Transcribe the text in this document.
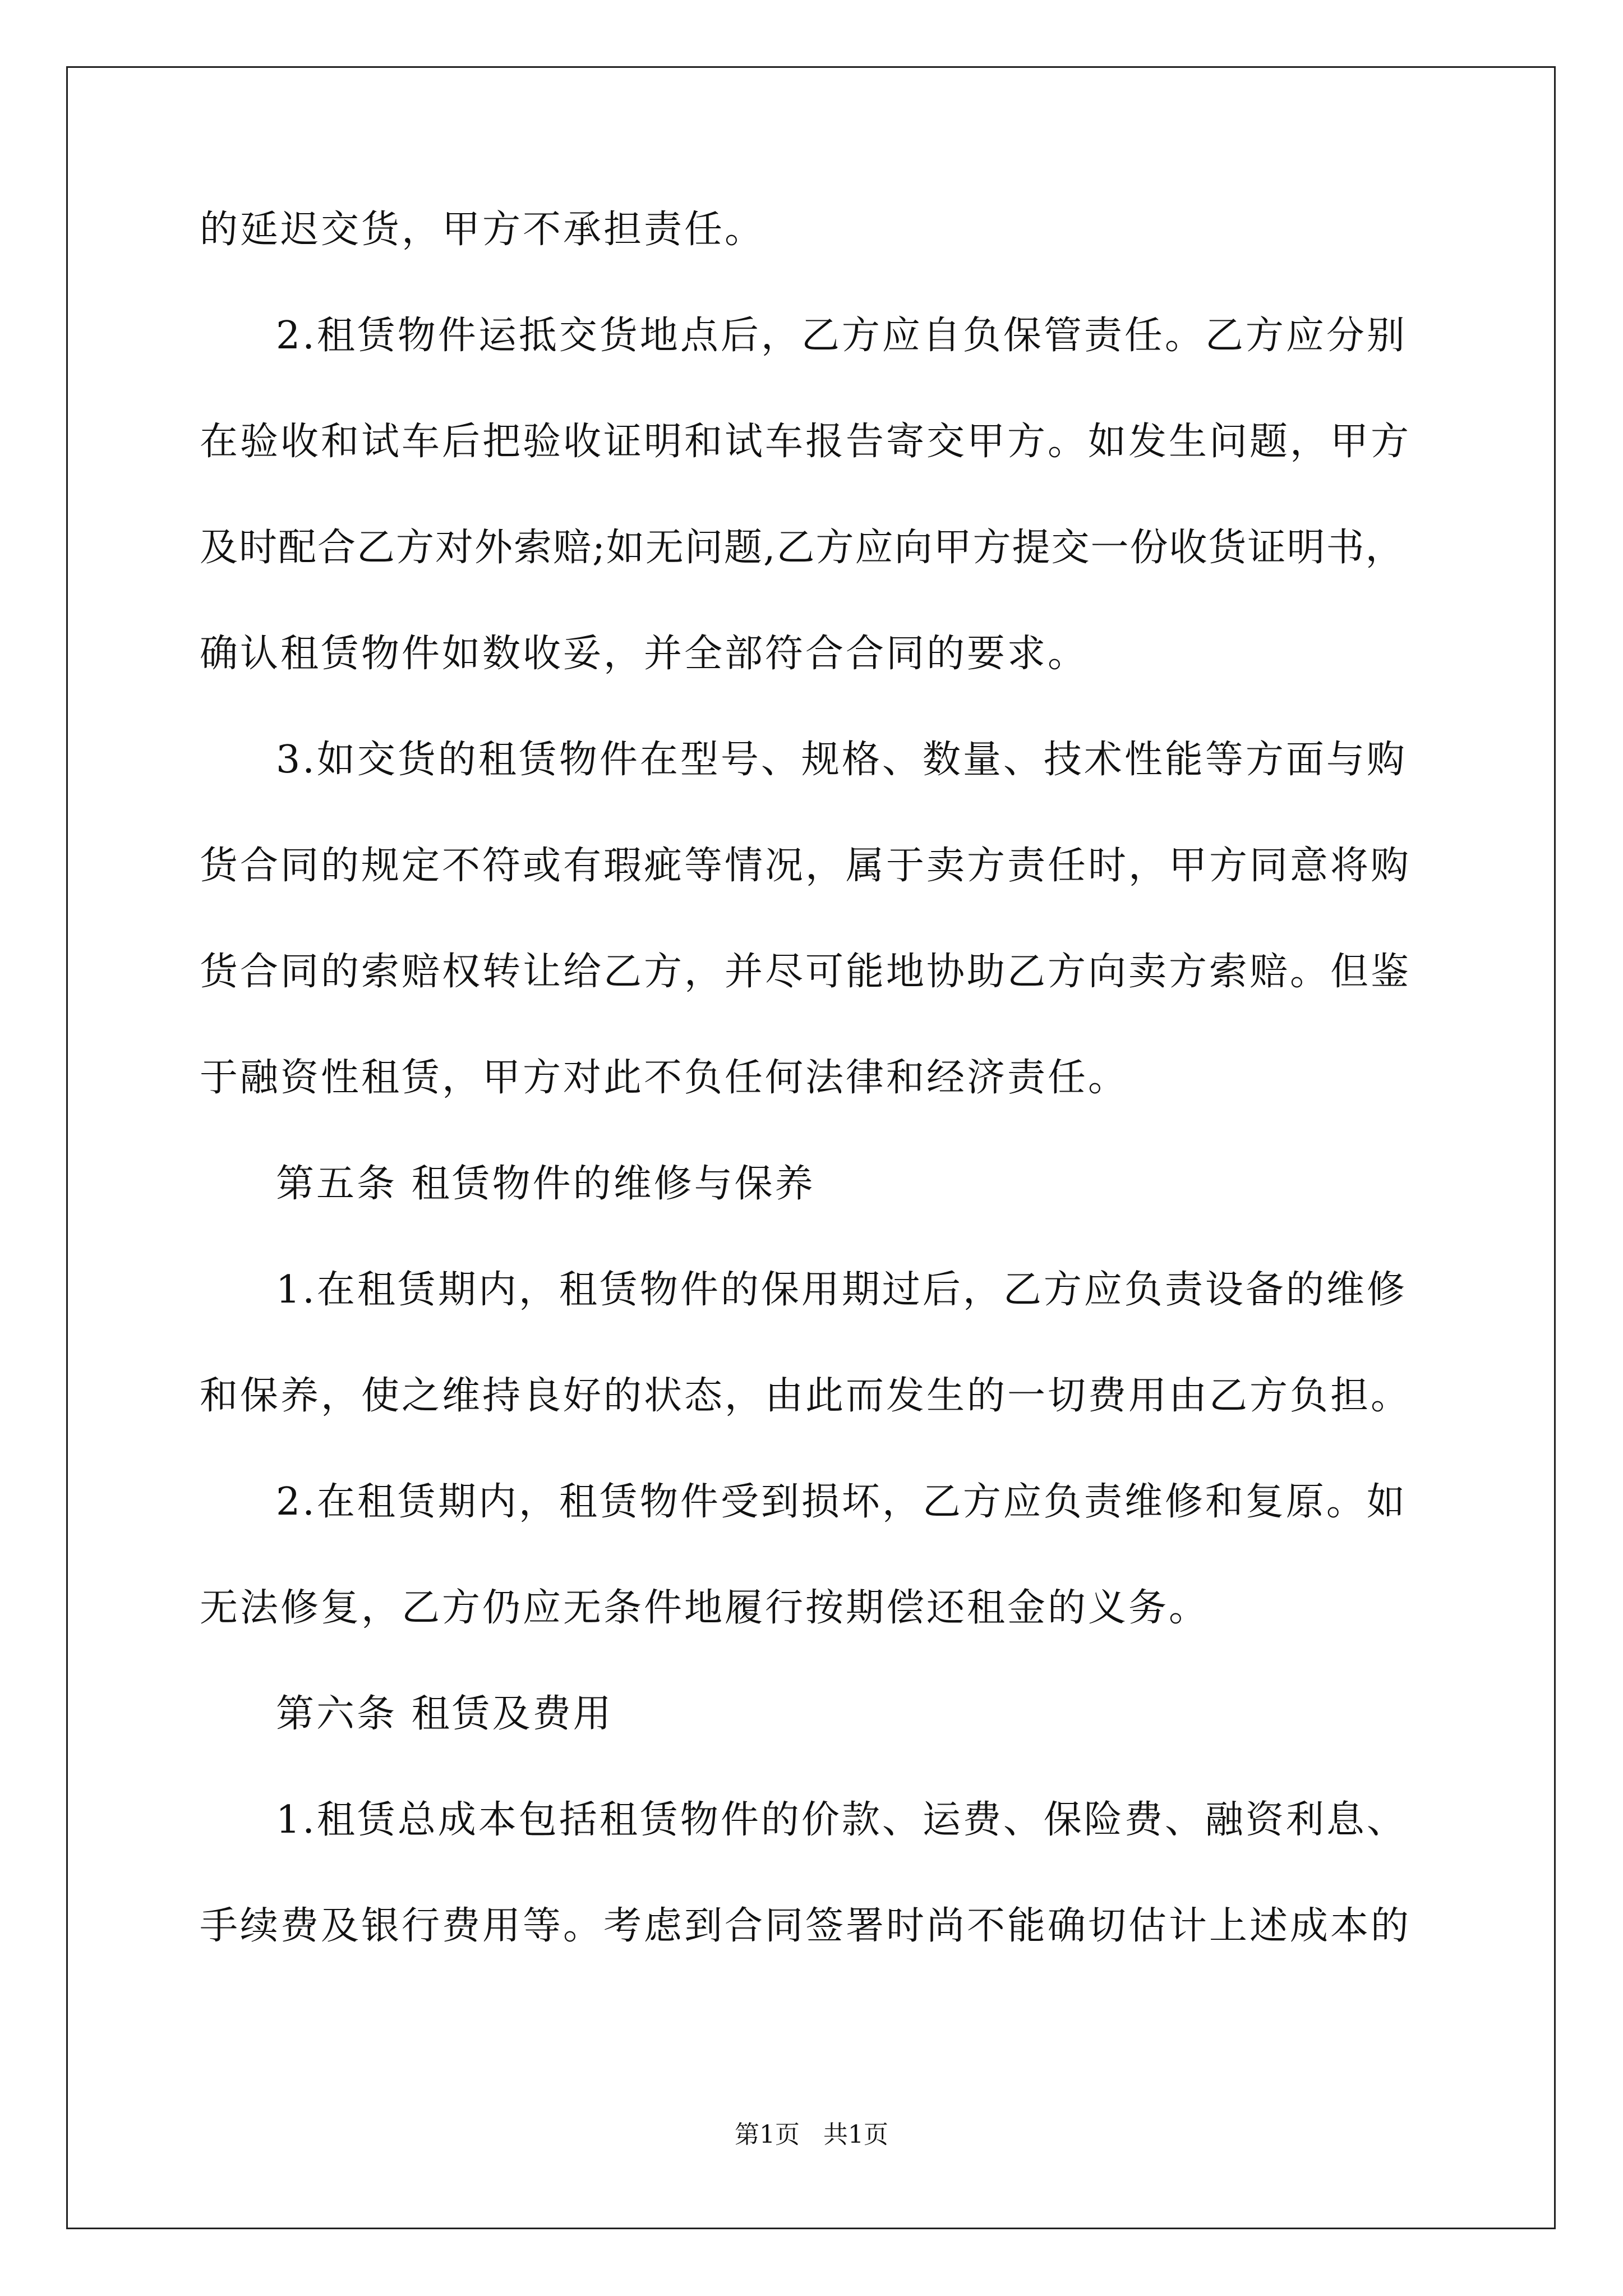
的延迟交货，甲方不承担责任。
2.租赁物件运抵交货地点后，乙方应自负保管责任。乙方应分别
在验收和试车后把验收证明和试车报告寄交甲方。如发生问题，甲方
及时配合乙方对外索赔;如无问题,乙方应向甲方提交一份收货证明书，
确认租赁物件如数收妥，并全部符合合同的要求。
3.如交货的租赁物件在型号、规格、数量、技术性能等方面与购
货合同的规定不符或有瑕疵等情况，属于卖方责任时，甲方同意将购
货合同的索赔权转让给乙方，并尽可能地协助乙方向卖方索赔。但鉴
于融资性租赁，甲方对此不负任何法律和经济责任。
第五条 租赁物件的维修与保养
1.在租赁期内，租赁物件的保用期过后，乙方应负责设备的维修
和保养，使之维持良好的状态，由此而发生的一切费用由乙方负担。
2.在租赁期内，租赁物件受到损坏，乙方应负责维修和复原。如
无法修复，乙方仍应无条件地履行按期偿还租金的义务。
第六条 租赁及费用
1.租赁总成本包括租赁物件的价款、运费、保险费、融资利息、
手续费及银行费用等。考虑到合同签署时尚不能确切估计上述成本的
第1页   共1页
